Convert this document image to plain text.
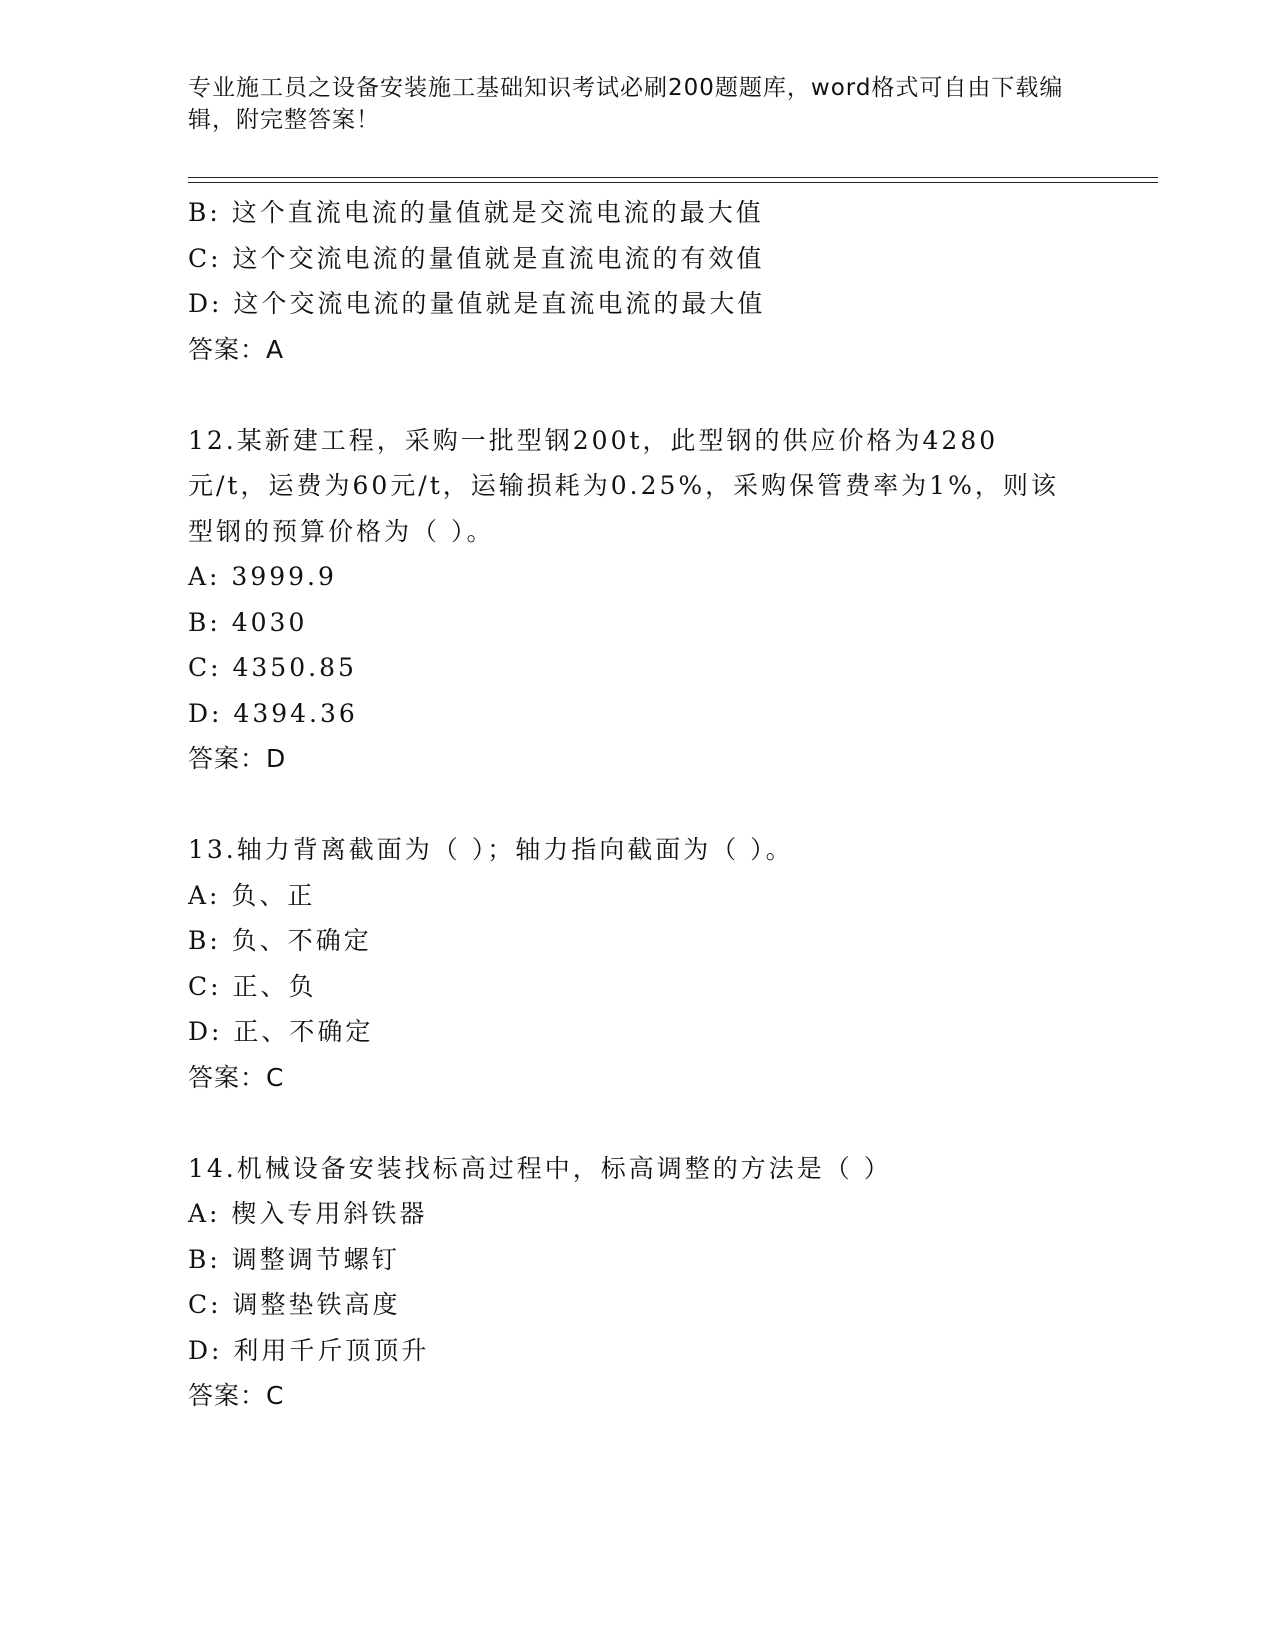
专业施工员之设备安装施工基础知识考试必刷200题题库，word格式可自由下载编辑，附完整答案！
B: 这个直流电流的量值就是交流电流的最大值
C: 这个交流电流的量值就是直流电流的有效值
D: 这个交流电流的量值就是直流电流的最大值
答案：A
12.某新建工程，采购一批型钢200t，此型钢的供应价格为4280元/t，运费为60元/t，运输损耗为0.25%，采购保管费率为1%，则该型钢的预算价格为（ ）。
A: 3999.9
B: 4030
C: 4350.85
D: 4394.36
答案：D
13.轴力背离截面为（ ）；轴力指向截面为（ ）。
A: 负、正
B: 负、不确定
C: 正、负
D: 正、不确定
答案：C
14.机械设备安装找标高过程中，标高调整的方法是（ ）
A: 楔入专用斜铁器
B: 调整调节螺钉
C: 调整垫铁高度
D: 利用千斤顶顶升
答案：C
